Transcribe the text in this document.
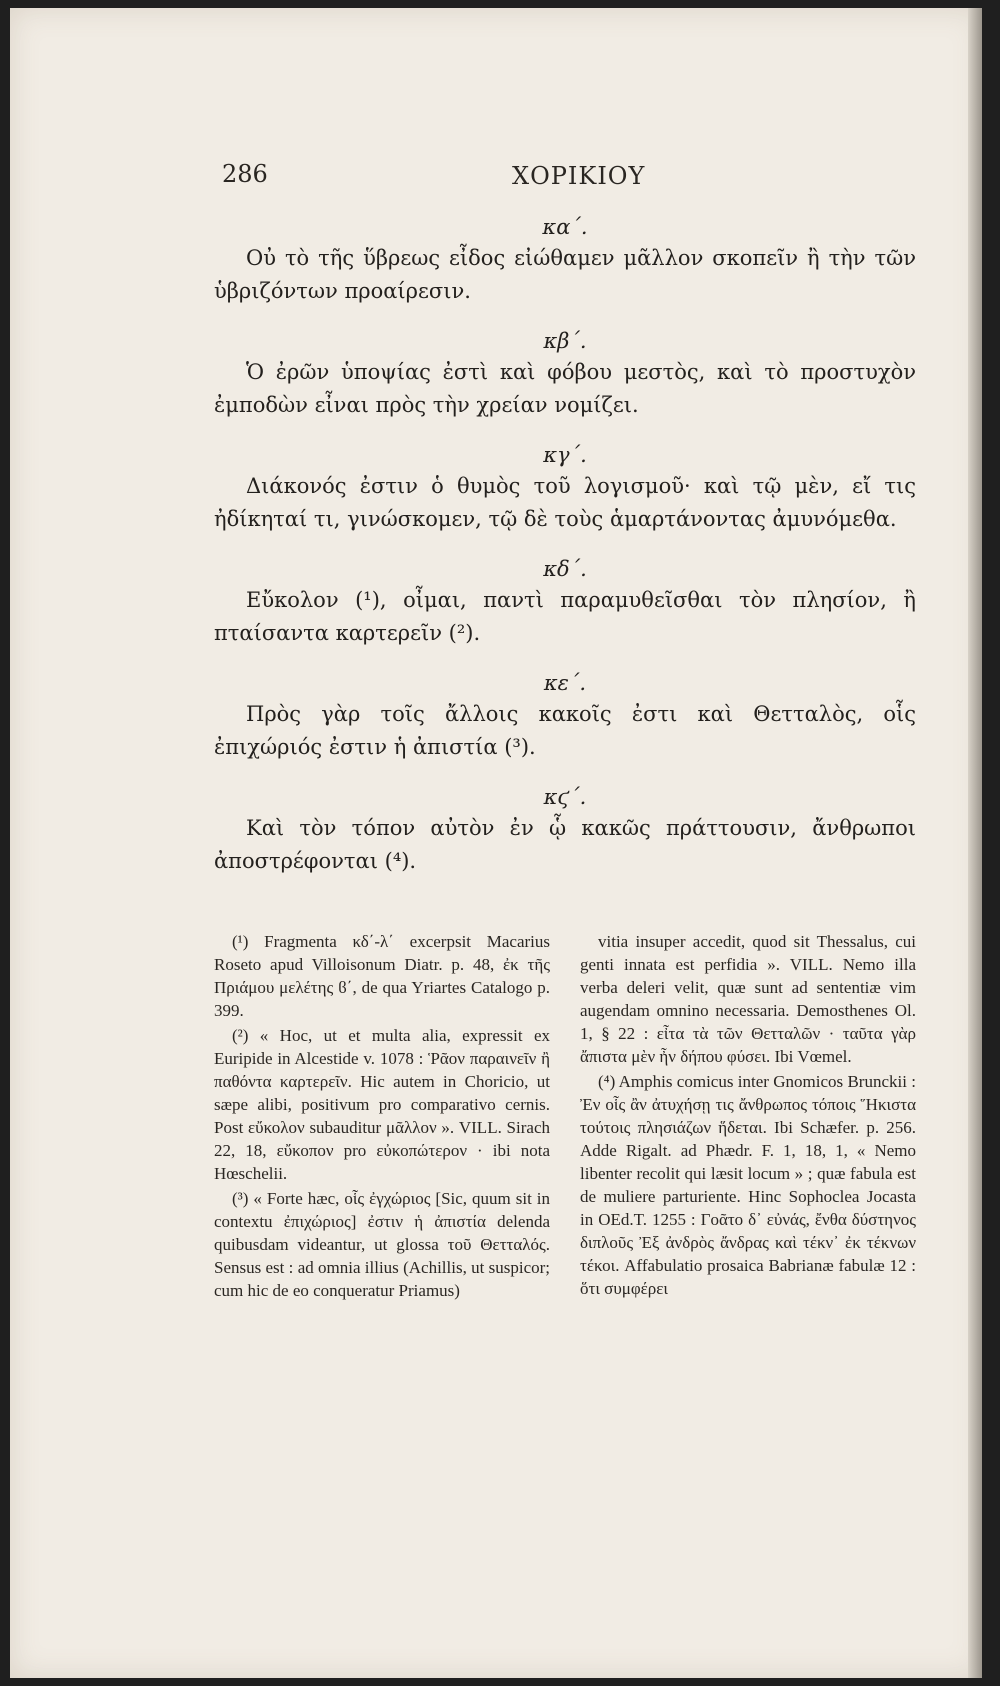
286	ΧΟΡΙΚΙΟΥ

κα΄.

Οὐ τὸ τῆς ὕβρεως εἶδος εἰώθαμεν μᾶλλον σκοπεῖν ἢ τὴν τῶν ὑβριζόντων προαίρεσιν.

κβ΄.

Ὁ ἐρῶν ὑποψίας ἐστὶ καὶ φόβου μεστὸς, καὶ τὸ προστυχὸν ἐμποδὼν εἶναι πρὸς τὴν χρείαν νομίζει.

κγ΄.

Διάκονός ἐστιν ὁ θυμὸς τοῦ λογισμοῦ· καὶ τῷ μὲν, εἴ τις ἠδίκηταί τι, γινώσκομεν, τῷ δὲ τοὺς ἁμαρτάνοντας ἀμυνόμεθα.

κδ΄.

Εὔκολον (¹), οἶμαι, παντὶ παραμυθεῖσθαι τὸν πλησίον, ἢ πταίσαντα καρτερεῖν (²).

κε΄.

Πρὸς γὰρ τοῖς ἄλλοις κακοῖς ἐστι καὶ Θετταλὸς, οἷς ἐπιχώριός ἐστιν ἡ ἀπιστία (³).

κϛ΄.

Καὶ τὸν τόπον αὐτὸν ἐν ᾧ κακῶς πράττουσιν, ἄνθρωποι ἀποστρέφονται (⁴).

(¹) Fragmenta κδ΄-λ΄ excerpsit Macarius Roseto apud Villoisonum Diatr. p. 48, ἐκ τῆς Πριάμου μελέτης ϐ΄, de qua Yriartes Catalogo p. 399.

(²) « Hoc, ut et multa alia, expressit ex Euripide in Alcestide v. 1078 : Ῥᾶον παραινεῖν ἢ παθόντα καρτερεῖν. Hic autem in Choricio, ut sæpe alibi, positivum pro comparativo cernis. Post εὔκολον subauditur μᾶλλον ». VILL. Sirach 22, 18, εὔκοπον pro εὐκοπώτερον · ibi nota Hœschelii.

(³) « Forte hæc, οἷς ἐγχώριος [Sic, quum sit in contextu ἐπιχώριος] ἐστιν ἡ ἀπιστία delenda quibusdam videantur, ut glossa τοῦ Θετταλός. Sensus est : ad omnia illius (Achillis, ut suspicor; cum hic de eo conqueratur Priamus)

vitia insuper accedit, quod sit Thessalus, cui genti innata est perfidia ». VILL. Nemo illa verba deleri velit, quæ sunt ad sententiæ vim augendam omnino necessaria. Demosthenes Ol. 1, § 22 : εἶτα τὰ τῶν Θετταλῶν · ταῦτα γὰρ ἄπιστα μὲν ἦν δήπου φύσει. Ibi Vœmel.

(⁴) Amphis comicus inter Gnomicos Brunckii : Ἐν οἷς ἂν ἀτυχήσῃ τις ἄνθρωπος τόποις Ἥκιστα τούτοις πλησιάζων ἥδεται. Ibi Schæfer. p. 256. Adde Rigalt. ad Phædr. F. 1, 18, 1, « Nemo libenter recolit qui læsit locum » ; quæ fabula est de muliere parturiente. Hinc Sophoclea Jocasta in OEd.T. 1255 : Γοᾶτο δ᾽ εὐνάς, ἔνθα δύστηνος διπλοῦς Ἐξ ἀνδρὸς ἄνδρας καὶ τέκν᾽ ἐκ τέκνων τέκοι. Affabulatio prosaica Babrianæ fabulæ 12 : ὅτι συμφέρει
